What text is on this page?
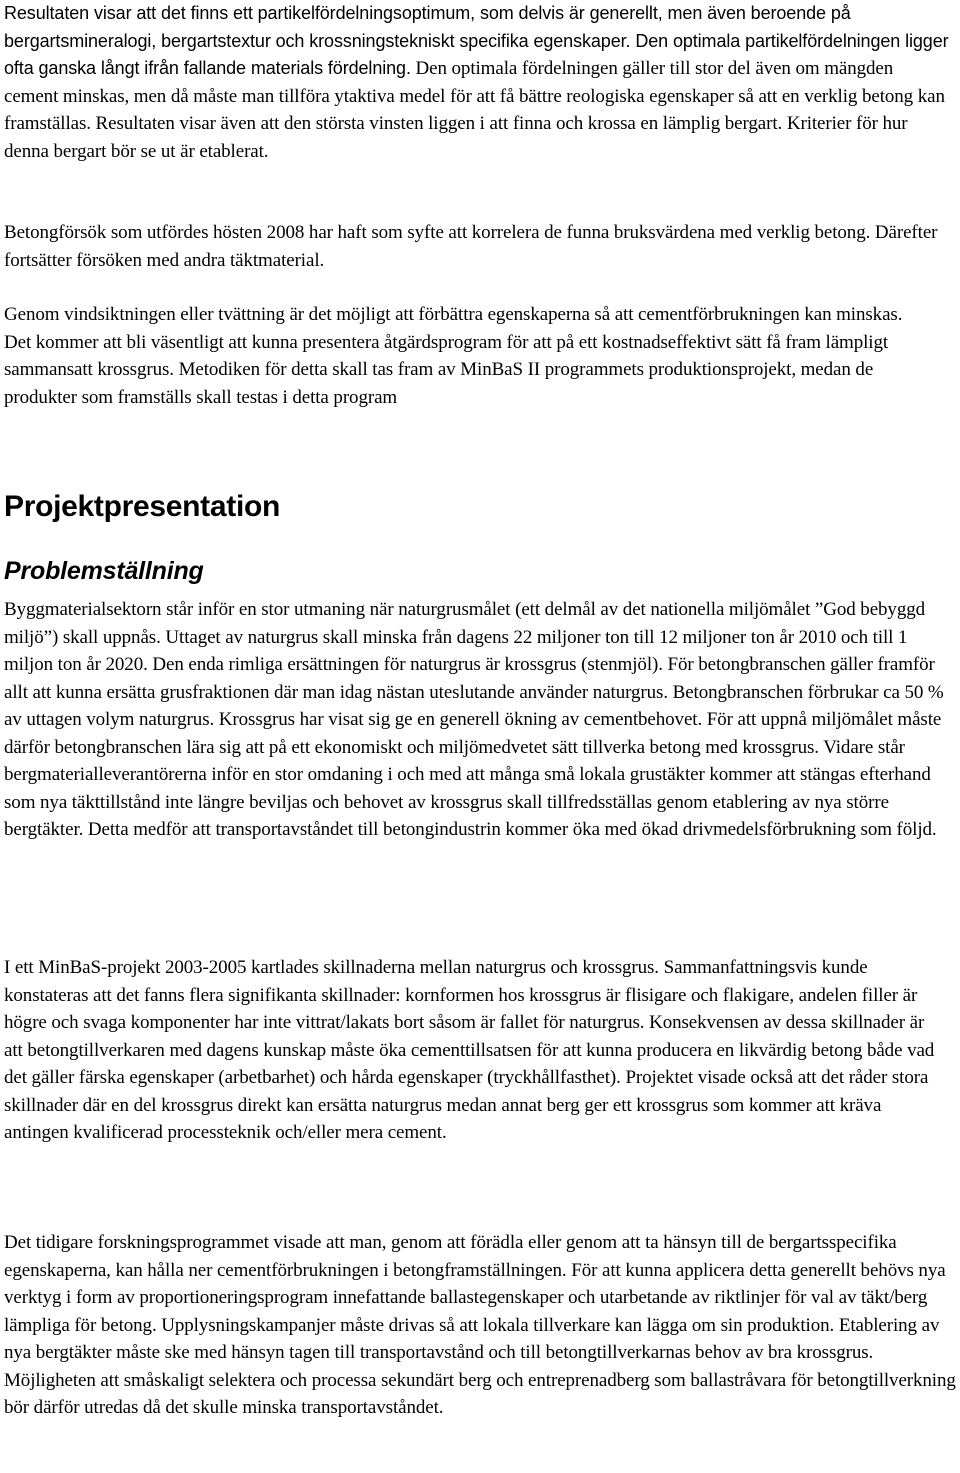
Resultaten visar att det finns ett partikelfördelningsoptimum, som delvis är generellt, men även beroende på bergartsmineralogi, bergartstextur och krossningstekniskt specifika egenskaper. Den optimala partikelfördelningen ligger ofta ganska långt ifrån fallande materials fördelning. Den optimala fördelningen gäller till stor del även om mängden cement minskas, men då måste man tillföra ytaktiva medel för att få bättre reologiska egenskaper så att en verklig betong kan framställas. Resultaten visar även att den största vinsten liggen i att finna och krossa en lämplig bergart. Kriterier för hur denna bergart bör se ut är etablerat.

Betongförsök som utfördes hösten 2008 har haft som syfte att korrelera de funna bruksvärdena med verklig betong. Därefter fortsätter försöken med andra täktmaterial.

Genom vindsiktningen eller tvättning är det möjligt att förbättra egenskaperna så att cementförbrukningen kan minskas. Det kommer att bli väsentligt att kunna presentera åtgärdsprogram för att på ett kostnadseffektivt sätt få fram lämpligt sammansatt krossgrus. Metodiken för detta skall tas fram av MinBaS II programmets produktionsprojekt, medan de produkter som framställs skall testas i detta program

Projektpresentation
Problemställning

Byggmaterialsektorn står inför en stor utmaning när naturgrusmålet (ett delmål av det nationella miljömålet ”God bebyggd miljö”) skall uppnås. Uttaget av naturgrus skall minska från dagens 22 miljoner ton till 12 miljoner ton år 2010 och till 1 miljon ton år 2020. Den enda rimliga ersättningen för naturgrus är krossgrus (stenmjöl). För betongbranschen gäller framför allt att kunna ersätta grusfraktionen där man idag nästan uteslutande använder naturgrus. Betongbranschen förbrukar ca 50 % av uttagen volym naturgrus. Krossgrus har visat sig ge en generell ökning av cementbehovet. För att uppnå miljömålet måste därför betongbranschen lära sig att på ett ekonomiskt och miljömedvetet sätt tillverka betong med krossgrus. Vidare står bergmaterialleverantörerna inför en stor omdaning i och med att många små lokala grustäkter kommer att stängas efterhand som nya täkttillstånd inte längre beviljas och behovet av krossgrus skall tillfredsställas genom etablering av nya större bergtäkter. Detta medför att transportavståndet till betongindustrin kommer öka med ökad drivmedelsförbrukning som följd.

I ett MinBaS-projekt 2003-2005 kartlades skillnaderna mellan naturgrus och krossgrus. Sammanfattningsvis kunde konstateras att det fanns flera signifikanta skillnader: kornformen hos krossgrus är flisigare och flakigare, andelen filler är högre och svaga komponenter har inte vittrat/lakats bort såsom är fallet för naturgrus. Konsekvensen av dessa skillnader är att betongtillverkaren med dagens kunskap måste öka cementtillsatsen för att kunna producera en likvärdig betong både vad det gäller färska egenskaper (arbetbarhet) och hårda egenskaper (tryckhållfasthet). Projektet visade också att det råder stora skillnader där en del krossgrus direkt kan ersätta naturgrus medan annat berg ger ett krossgrus som kommer att kräva antingen kvalificerad processteknik och/eller mera cement.

Det tidigare forskningsprogrammet visade att man, genom att förädla eller genom att ta hänsyn till de bergartsspecifika egenskaperna, kan hålla ner cementförbrukningen i betongframställningen. För att kunna applicera detta generellt behövs nya verktyg i form av proportioneringsprogram innefattande ballastegenskaper och utarbetande av riktlinjer för val av täkt/berg lämpliga för betong. Upplysningskampanjer måste drivas så att lokala tillverkare kan lägga om sin produktion. Etablering av nya bergtäkter måste ske med hänsyn tagen till transportavstånd och till betongtillverkarnas behov av bra krossgrus. Möjligheten att småskaligt selektera och processa sekundärt berg och entreprenadberg som ballastråvara för betongtillverkning bör därför utredas då det skulle minska transportavståndet.
